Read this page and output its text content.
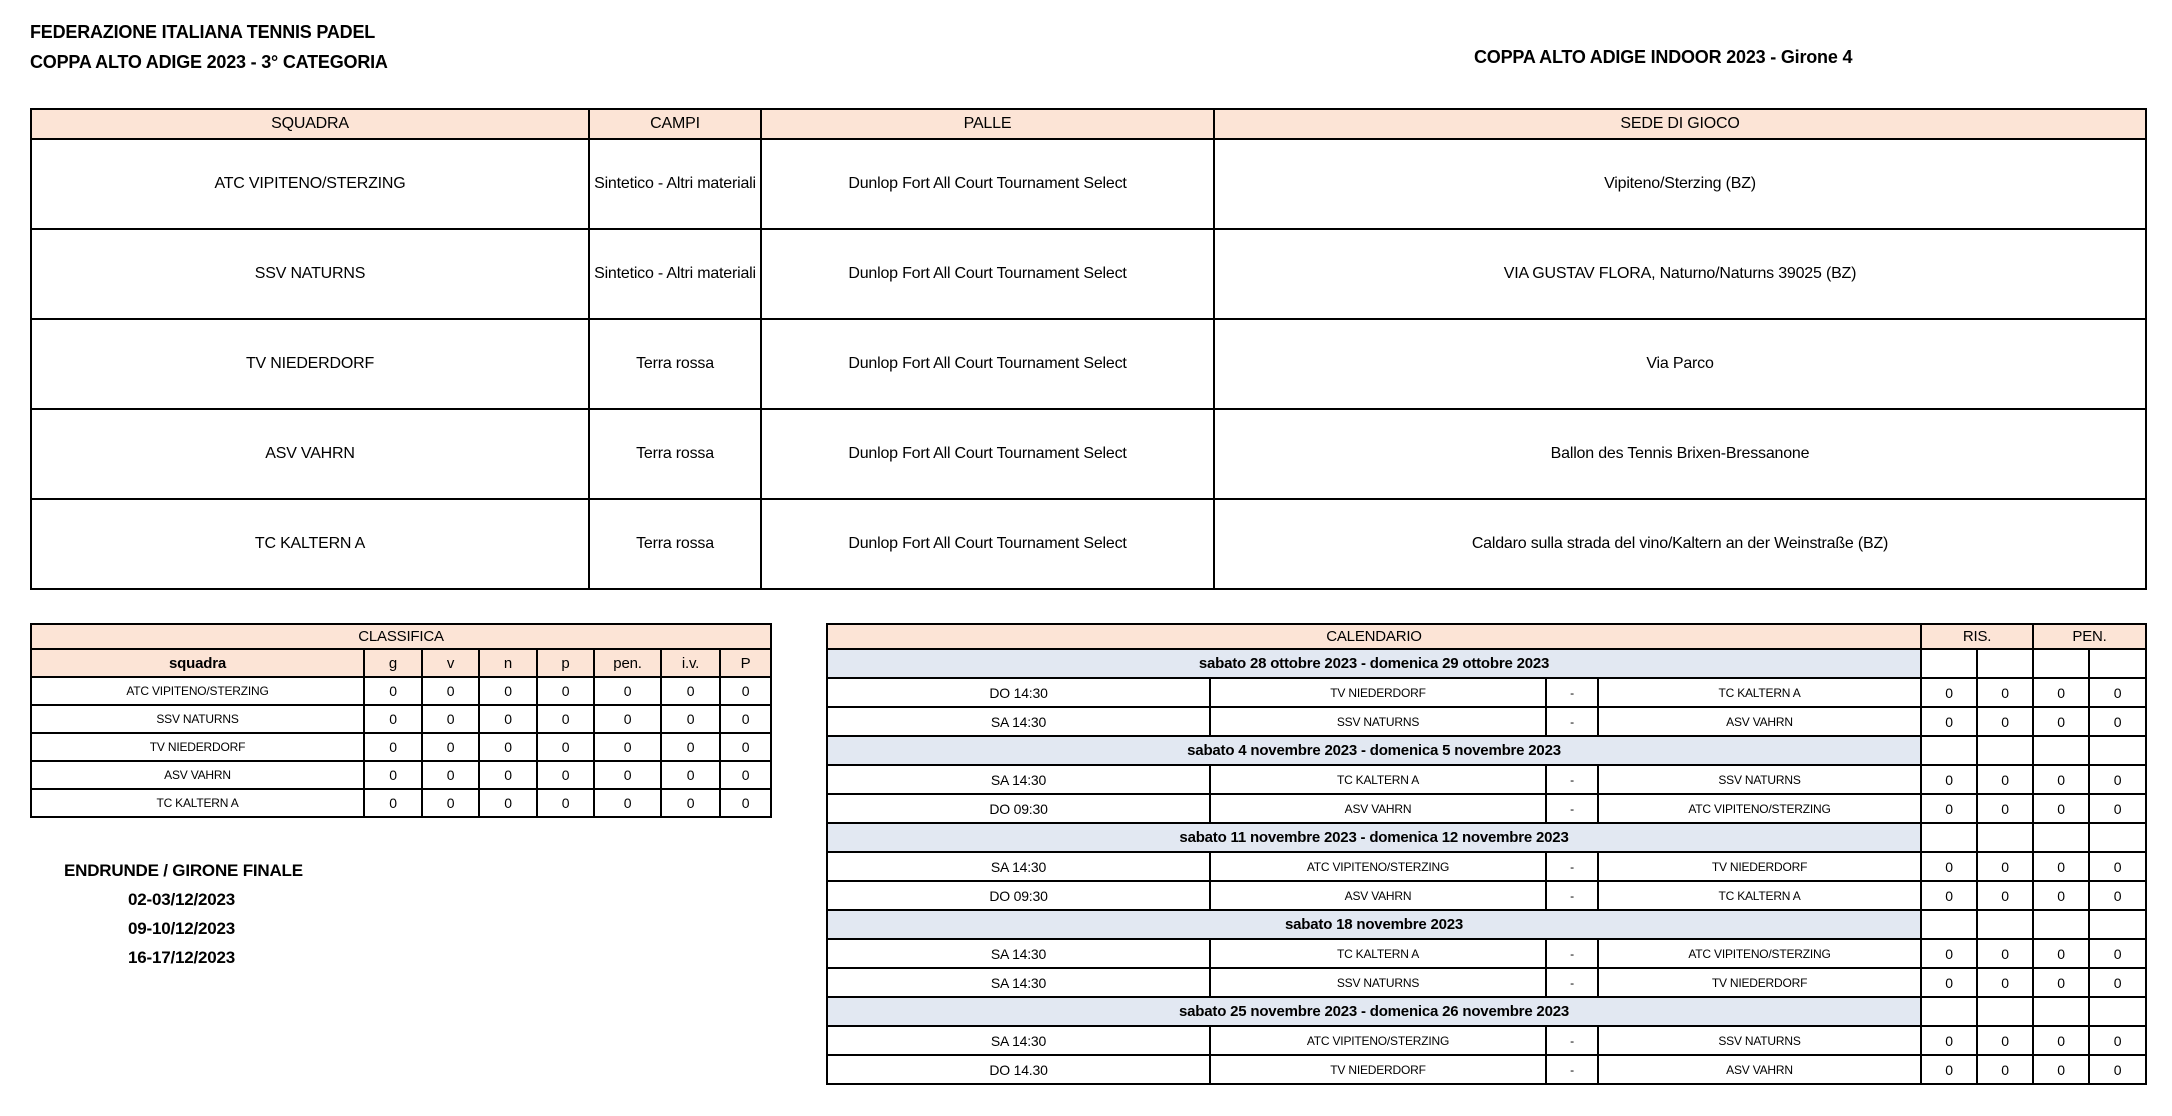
FEDERAZIONE ITALIANA TENNIS PADEL
COPPA ALTO ADIGE 2023 - 3° CATEGORIA	COPPA ALTO ADIGE INDOOR 2023 - Girone 4
SQUADRA	CAMPI	PALLE	SEDE DI GIOCO
ATC VIPITENO/STERZING	Sintetico - Altri materiali	Dunlop Fort All Court Tournament Select	Vipiteno/Sterzing (BZ)
SSV NATURNS	Sintetico - Altri materiali	Dunlop Fort All Court Tournament Select	VIA GUSTAV FLORA, Naturno/Naturns 39025 (BZ)
TV NIEDERDORF	Terra rossa	Dunlop Fort All Court Tournament Select	Via Parco
ASV VAHRN	Terra rossa	Dunlop Fort All Court Tournament Select	Ballon des Tennis Brixen-Bressanone
TC KALTERN A	Terra rossa	Dunlop Fort All Court Tournament Select	Caldaro sulla strada del vino/Kaltern an der Weinstraße (BZ)
CLASSIFICA							
squadra	g	v	n	p	pen.	i.v.	P
ATC VIPITENO/STERZING	0	0	0	0	0	0	0
SSV NATURNS	0	0	0	0	0	0	0
TV NIEDERDORF	0	0	0	0	0	0	0
ASV VAHRN	0	0	0	0	0	0	0
TC KALTERN A	0	0	0	0	0	0	0
ENDRUNDE / GIRONE FINALE
02-03/12/2023
09-10/12/2023
16-17/12/2023
CALENDARIO				RIS.		PEN.	
sabato 28 ottobre 2023 - domenica 29 ottobre 2023							
DO 14:30	TV NIEDERDORF	-	TC KALTERN A	0	0	0	0
SA 14:30	SSV NATURNS	-	ASV VAHRN	0	0	0	0
sabato 4 novembre 2023 - domenica 5 novembre 2023							
SA 14:30	TC KALTERN A	-	SSV NATURNS	0	0	0	0
DO 09:30	ASV VAHRN	-	ATC VIPITENO/STERZING	0	0	0	0
sabato 11 novembre 2023 - domenica 12 novembre 2023							
SA 14:30	ATC VIPITENO/STERZING	-	TV NIEDERDORF	0	0	0	0
DO 09:30	ASV VAHRN	-	TC KALTERN A	0	0	0	0
sabato 18 novembre 2023							
SA 14:30	TC KALTERN A	-	ATC VIPITENO/STERZING	0	0	0	0
SA 14:30	SSV NATURNS	-	TV NIEDERDORF	0	0	0	0
sabato 25 novembre 2023 - domenica 26 novembre 2023							
SA 14:30	ATC VIPITENO/STERZING	-	SSV NATURNS	0	0	0	0
DO 14.30	TV NIEDERDORF	-	ASV VAHRN	0	0	0	0
